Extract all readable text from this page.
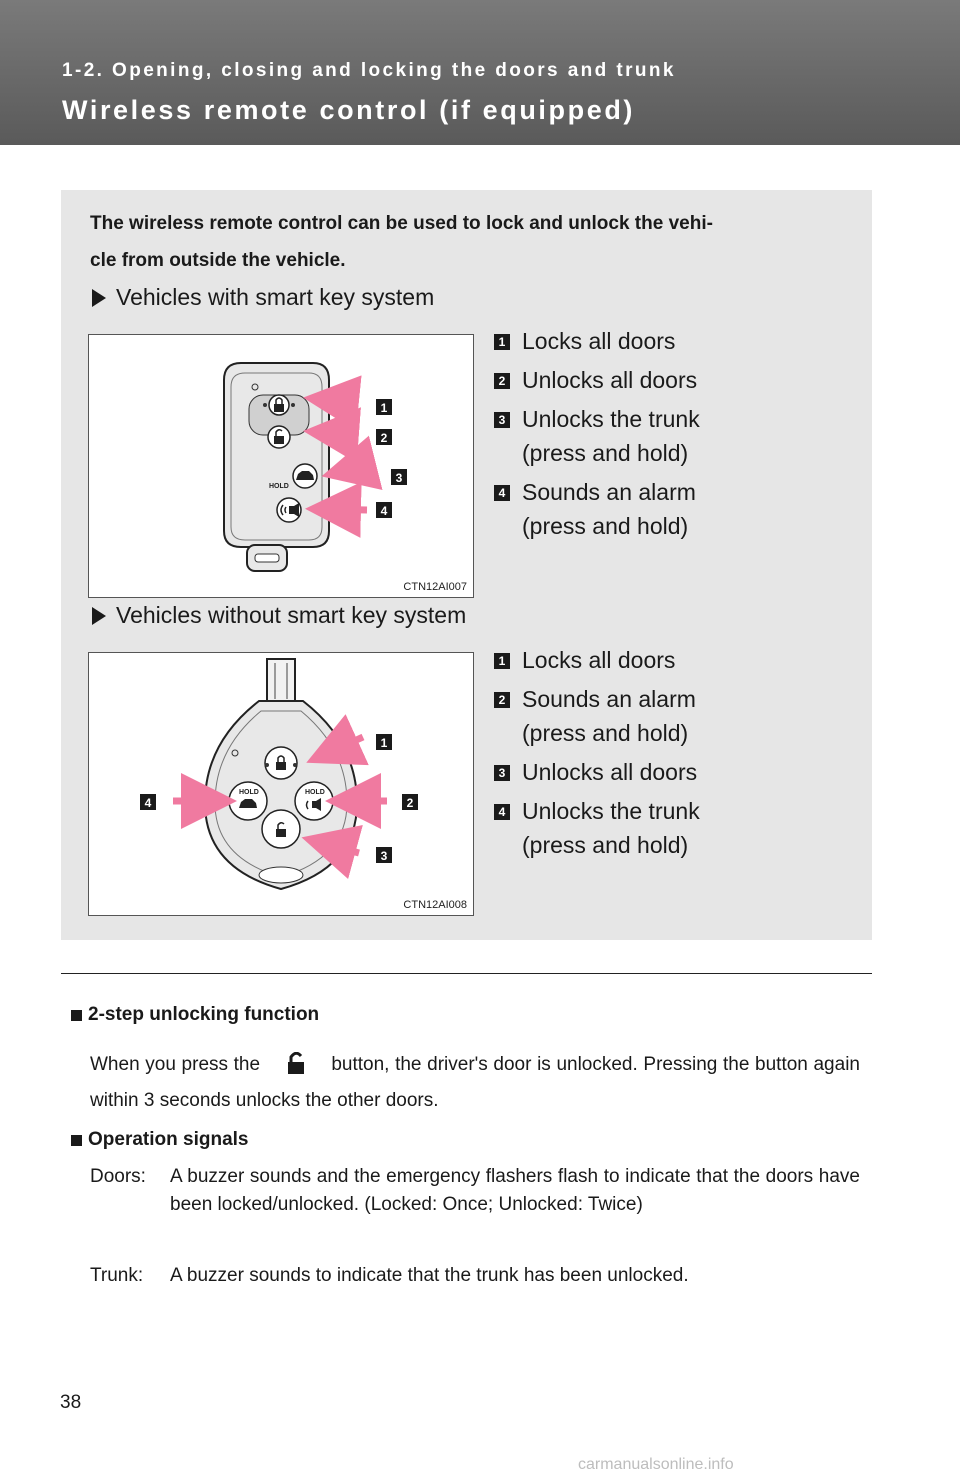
1-2. Opening, closing and locking the doors and trunk
Wireless remote control (if equipped)
The wireless remote control can be used to lock and unlock the vehi-
cle from outside the vehicle.
Vehicles with smart key system
HOLD
1
2
3
4
CTN12AI007
1 Locks all doors
2 Unlocks all doors
3 Unlocks the trunk
(press and hold)
4 Sounds an alarm
(press and hold)
Vehicles without smart key system
HOLD	HOLD
1
2
3
4
CTN12AI008
1 Locks all doors
2 Sounds an alarm
(press and hold)
3 Unlocks all doors
4 Unlocks the trunk
(press and hold)
2-step unlocking function
When you press the	button, the driver's door is unlocked. Pressing the button again within 3 seconds unlocks the other doors.
Operation signals
Doors:	A buzzer sounds and the emergency flashers flash to indicate that the doors have been locked/unlocked. (Locked: Once; Unlocked: Twice)
Trunk:	A buzzer sounds to indicate that the trunk has been unlocked.
38
carmanualsonline.info
